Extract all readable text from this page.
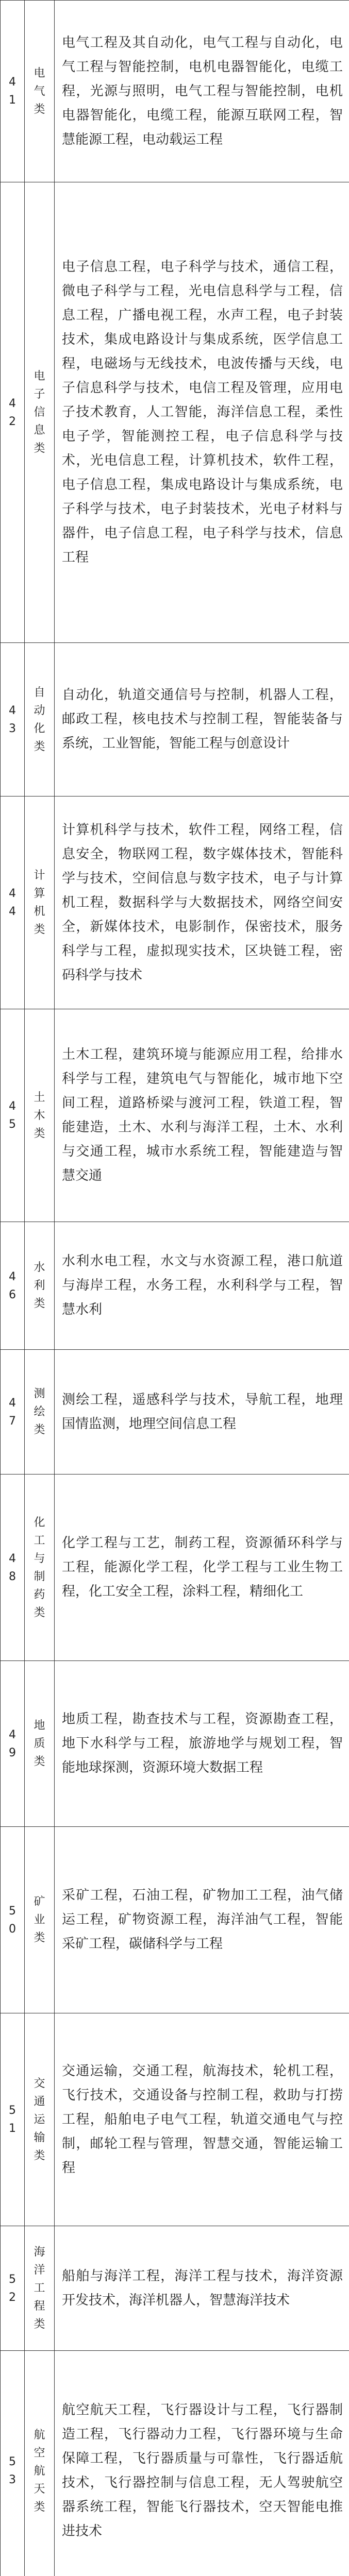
41	电气类	电气工程及其自动化，电气工程与自动化，电气工程与智能控制，电机电器智能化，电缆工程，光源与照明，电气工程与智能控制，电机电器智能化，电缆工程，能源互联网工程，智慧能源工程，电动载运工程
42	电子信息类	电子信息工程，电子科学与技术，通信工程，微电子科学与工程，光电信息科学与工程，信息工程，广播电视工程，水声工程，电子封装技术，集成电路设计与集成系统，医学信息工程，电磁场与无线技术，电波传播与天线，电子信息科学与技术，电信工程及管理，应用电子技术教育，人工智能，海洋信息工程，柔性电子学，智能测控工程，电子信息科学与技术，光电信息工程，计算机技术，软件工程，电子信息工程，集成电路设计与集成系统，电子科学与技术，电子封装技术，光电子材料与器件，电子信息工程，电子科学与技术，信息工程
43	自动化类	自动化，轨道交通信号与控制，机器人工程，邮政工程，核电技术与控制工程，智能装备与系统，工业智能，智能工程与创意设计
44	计算机类	计算机科学与技术，软件工程，网络工程，信息安全，物联网工程，数字媒体技术，智能科学与技术，空间信息与数字技术，电子与计算机工程，数据科学与大数据技术，网络空间安全，新媒体技术，电影制作，保密技术，服务科学与工程，虚拟现实技术，区块链工程，密码科学与技术
45	土木类	土木工程，建筑环境与能源应用工程，给排水科学与工程，建筑电气与智能化，城市地下空间工程，道路桥梁与渡河工程，铁道工程，智能建造，土木、水利与海洋工程，土木、水利与交通工程，城市水系统工程，智能建造与智慧交通
46	水利类	水利水电工程，水文与水资源工程，港口航道与海岸工程，水务工程，水利科学与工程，智慧水利
47	测绘类	测绘工程，遥感科学与技术，导航工程，地理国情监测，地理空间信息工程
48	化工与制药类	化学工程与工艺，制药工程，资源循环科学与工程，能源化学工程，化学工程与工业生物工程，化工安全工程，涂料工程，精细化工
49	地质类	地质工程，勘查技术与工程，资源勘查工程，地下水科学与工程，旅游地学与规划工程，智能地球探测，资源环境大数据工程
50	矿业类	采矿工程，石油工程，矿物加工工程，油气储运工程，矿物资源工程，海洋油气工程，智能采矿工程，碳储科学与工程
51	交通运输类	交通运输，交通工程，航海技术，轮机工程，飞行技术，交通设备与控制工程，救助与打捞工程，船舶电子电气工程，轨道交通电气与控制，邮轮工程与管理，智慧交通，智能运输工程
52	海洋工程类	船舶与海洋工程，海洋工程与技术，海洋资源开发技术，海洋机器人，智慧海洋技术
53	航空航天类	航空航天工程，飞行器设计与工程，飞行器制造工程，飞行器动力工程，飞行器环境与生命保障工程，飞行器质量与可靠性，飞行器适航技术，飞行器控制与信息工程，无人驾驶航空器系统工程，智能飞行器技术，空天智能电推进技术
